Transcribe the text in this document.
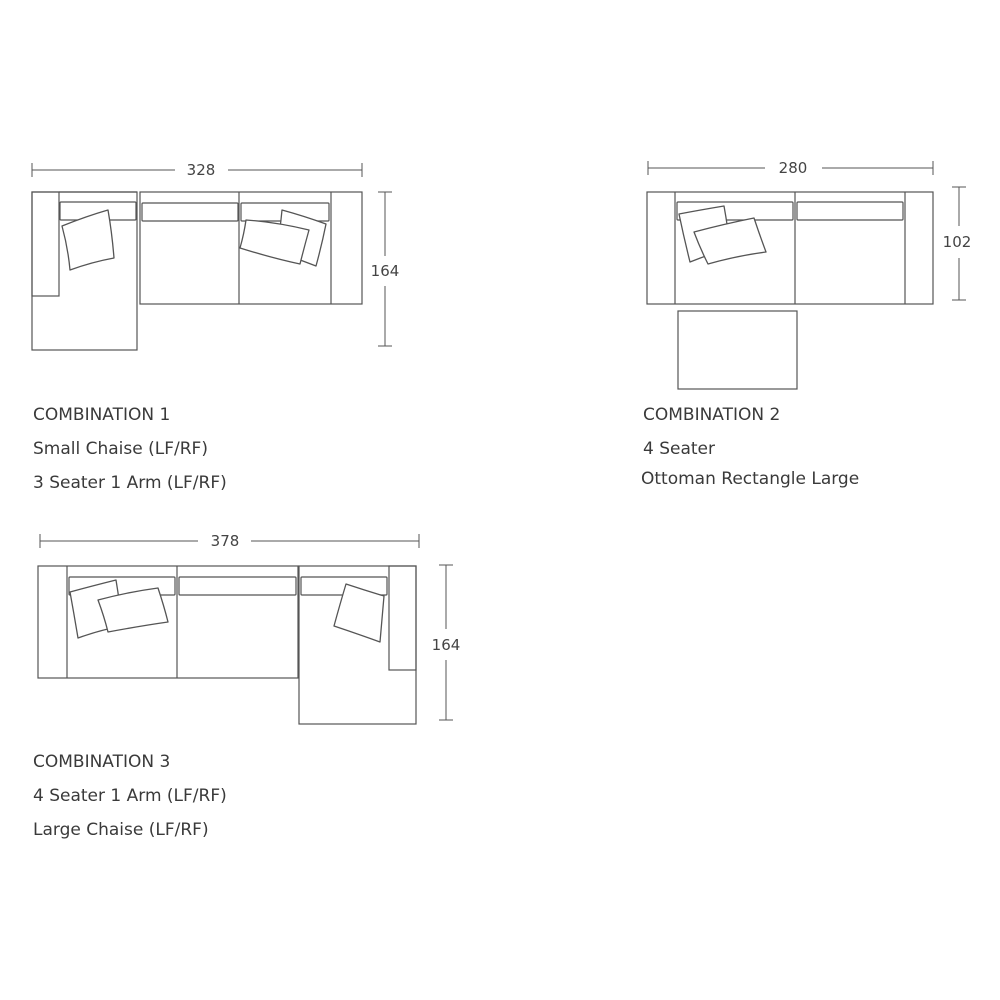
328
164
280
102
378
164
COMBINATION 1
Small Chaise (LF/RF)
3 Seater 1 Arm (LF/RF)
COMBINATION 2
4 Seater
Ottoman Rectangle Large
COMBINATION 3
4 Seater 1 Arm (LF/RF)
Large Chaise (LF/RF)
